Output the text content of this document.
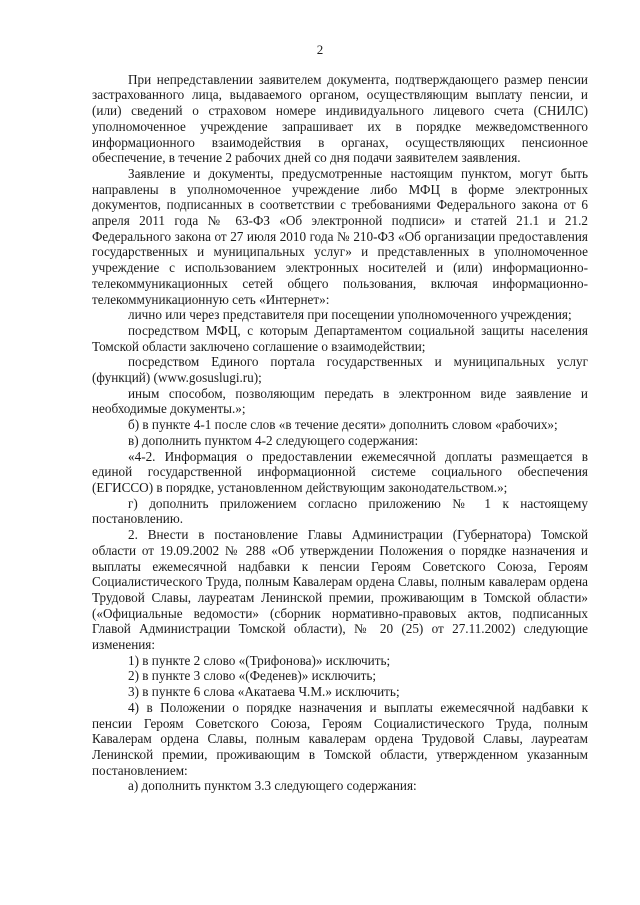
2

При непредставлении заявителем документа, подтверждающего размер пенсии застрахованного лица, выдаваемого органом, осуществляющим выплату пенсии, и (или) сведений о страховом номере индивидуального лицевого счета (СНИЛС) уполномоченное учреждение запрашивает их в порядке межведомственного информационного взаимодействия в органах, осуществляющих пенсионное обеспечение, в течение 2 рабочих дней со дня подачи заявителем заявления.

Заявление и документы, предусмотренные настоящим пунктом, могут быть направлены в уполномоченное учреждение либо МФЦ в форме электронных документов, подписанных в соответствии с требованиями Федерального закона от 6 апреля 2011 года № 63-ФЗ «Об электронной подписи» и статей 21.1 и 21.2 Федерального закона от 27 июля 2010 года № 210-ФЗ «Об организации предоставления государственных и муниципальных услуг» и представленных в уполномоченное учреждение с использованием электронных носителей и (или) информационно-телекоммуникационных сетей общего пользования, включая информационно-телекоммуникационную сеть «Интернет»:

лично или через представителя при посещении уполномоченного учреждения;

посредством МФЦ, с которым Департаментом социальной защиты населения Томской области заключено соглашение о взаимодействии;

посредством Единого портала государственных и муниципальных услуг (функций) (www.gosuslugi.ru);

иным способом, позволяющим передать в электронном виде заявление и необходимые документы.»;

б) в пункте 4-1 после слов «в течение десяти» дополнить словом «рабочих»;

в) дополнить пунктом 4-2 следующего содержания:

«4-2. Информация о предоставлении ежемесячной доплаты размещается в единой государственной информационной системе социального обеспечения (ЕГИССО) в порядке, установленном действующим законодательством.»;

г) дополнить приложением согласно приложению № 1 к настоящему постановлению.

2. Внести в постановление Главы Администрации (Губернатора) Томской области от 19.09.2002 № 288 «Об утверждении Положения о порядке назначения и выплаты ежемесячной надбавки к пенсии Героям Советского Союза, Героям Социалистического Труда, полным Кавалерам ордена Славы, полным кавалерам ордена Трудовой Славы, лауреатам Ленинской премии, проживающим в Томской области» («Официальные ведомости» (сборник нормативно-правовых актов, подписанных Главой Администрации Томской области), № 20 (25) от 27.11.2002) следующие изменения:

1) в пункте 2 слово «(Трифонова)» исключить;

2) в пункте 3 слово «(Феденев)» исключить;

3) в пункте 6 слова «Акатаева Ч.М.» исключить;

4) в Положении о порядке назначения и выплаты ежемесячной надбавки к пенсии Героям Советского Союза, Героям Социалистического Труда, полным Кавалерам ордена Славы, полным кавалерам ордена Трудовой Славы, лауреатам Ленинской премии, проживающим в Томской области, утвержденном указанным постановлением:

а) дополнить пунктом 3.3 следующего содержания:
